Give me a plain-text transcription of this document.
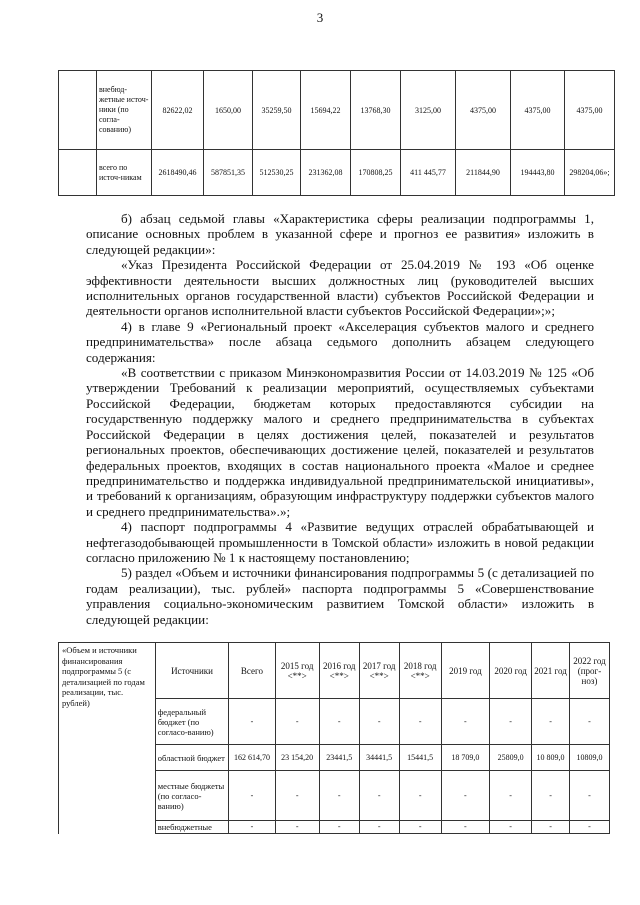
3
	внебюд-жетные источ-ники (по согла-сованию)	82622,02	1650,00	35259,50	15694,22	13768,30	3125,00	4375,00	4375,00	4375,00
	всего по источ-никам	2618490,46	587851,35	512530,25	231362,08	170808,25	411 445,77	211844,90	194443,80	298204,06»;

б) абзац седьмой главы «Характеристика сферы реализации подпрограммы 1, описание основных проблем в указанной сфере и прогноз ее развития» изложить в следующей редакции»:

«Указ Президента Российской Федерации от 25.04.2019 № 193 «Об оценке эффективности деятельности высших должностных лиц (руководителей высших исполнительных органов государственной власти) субъектов Российской Федерации и деятельности органов исполнительной власти субъектов Российской Федерации»;»;

4) в главе 9 «Региональный проект «Акселерация субъектов малого и среднего предпринимательства» после абзаца седьмого дополнить абзацем следующего содержания:

«В соответствии с приказом Минэкономразвития России от 14.03.2019 № 125 «Об утверждении Требований к реализации мероприятий, осуществляемых субъектами Российской Федерации, бюджетам которых предоставляются субсидии на государственную поддержку малого и среднего предпринимательства в субъектах Российской Федерации в целях достижения целей, показателей и результатов региональных проектов, обеспечивающих достижение целей, показателей и результатов федеральных проектов, входящих в состав национального проекта «Малое и среднее предпринимательство и поддержка индивидуальной предпринимательской инициативы», и требований к организациям, образующим инфраструктуру поддержки субъектов малого и среднего предпринимательства».»;

4) паспорт подпрограммы 4 «Развитие ведущих отраслей обрабатывающей и нефтегазодобывающей промышленности в Томской области» изложить в новой редакции согласно приложению № 1 к настоящему постановлению;

5) раздел «Объем и источники финансирования подпрограммы 5 (с детализацией по годам реализации), тыс. рублей» паспорта подпрограммы 5 «Совершенствование управления социально-экономическим развитием Томской области» изложить в следующей редакции:

«Объем и источники финансирования подпрограммы 5 (с детализацией по годам реализации, тыс. рублей)	Источники	Всего	2015 год <**>	2016 год <**>	2017 год <**>	2018 год <**>	2019 год	2020 год	2021 год	2022 год (прог-ноз)
	федеральный бюджет (по согласо-ванию)	-	-	-	-	-	-	-	-	-
	областной бюджет	162 614,70	23 154,20	23441,5	34441,5	15441,5	18 709,0	25809,0	10 809,0	10809,0
	местные бюджеты (по согласо-ванию)	-	-	-	-	-	-	-	-	-
	внебюджетные	-	-	-	-	-	-	-	-	-
